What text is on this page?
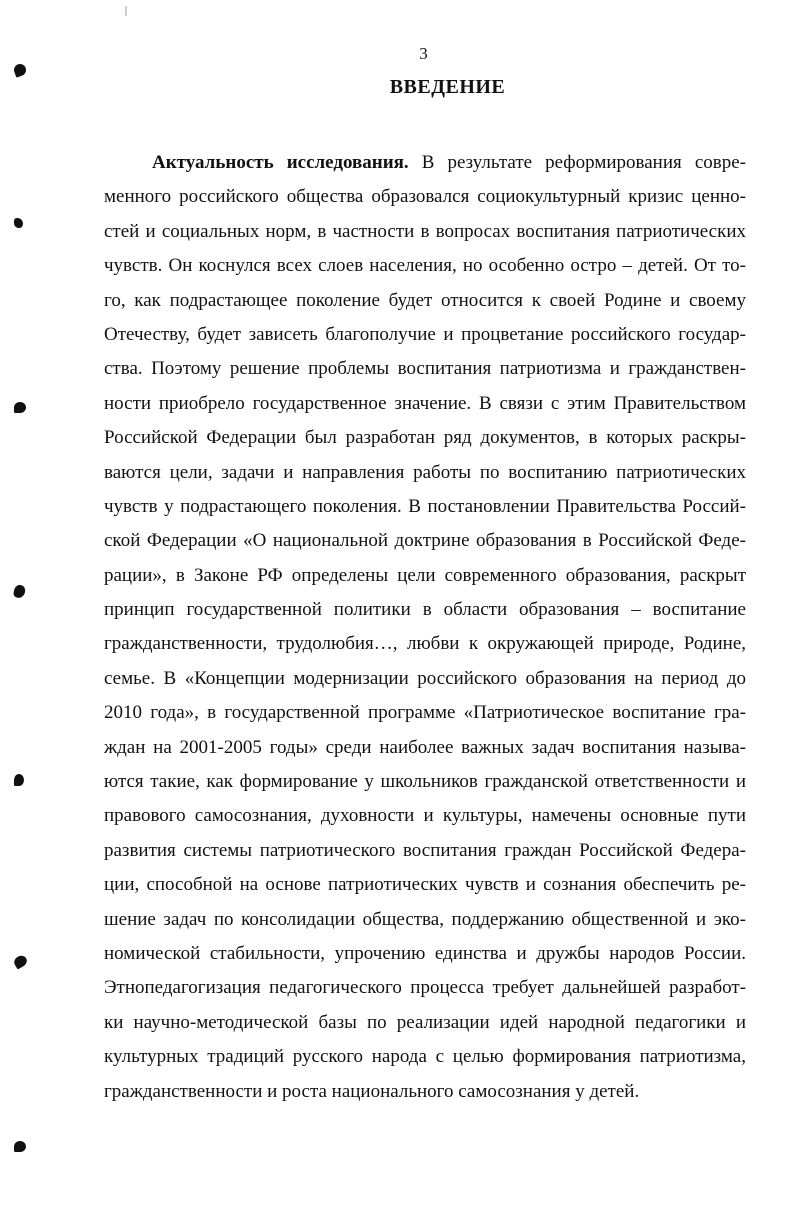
3
ВВЕДЕНИЕ
Актуальность исследования. В результате реформирования совре-
менного российского общества образовался социокультурный кризис ценно-
стей и социальных норм, в частности в вопросах воспитания патриотических
чувств. Он коснулся всех слоев населения, но особенно остро – детей. От то-
го, как подрастающее поколение будет относится к своей Родине и своему
Отечеству, будет зависеть благополучие и процветание российского государ-
ства. Поэтому решение проблемы воспитания патриотизма и гражданствен-
ности приобрело государственное значение. В связи с этим Правительством
Российской Федерации был разработан ряд документов, в которых раскры-
ваются цели, задачи и направления работы по воспитанию патриотических
чувств у подрастающего поколения. В постановлении Правительства Россий-
ской Федерации «О национальной доктрине образования в Российской Феде-
рации», в Законе РФ определены цели современного образования, раскрыт
принцип государственной политики в области образования – воспитание
гражданственности, трудолюбия…, любви к окружающей природе, Родине,
семье. В «Концепции модернизации российского образования на период до
2010 года», в государственной программе «Патриотическое воспитание гра-
ждан на 2001-2005 годы» среди наиболее важных задач воспитания называ-
ются такие, как формирование у школьников гражданской ответственности и
правового самосознания, духовности и культуры, намечены основные пути
развития системы патриотического воспитания граждан Российской Федера-
ции, способной на основе патриотических чувств и сознания обеспечить ре-
шение задач по консолидации общества, поддержанию общественной и эко-
номической стабильности, упрочению единства и дружбы народов России.
Этнопедагогизация педагогического процесса требует дальнейшей разработ-
ки научно-методической базы по реализации идей народной педагогики и
культурных традиций русского народа с целью формирования патриотизма,
гражданственности и роста национального самосознания у детей.
